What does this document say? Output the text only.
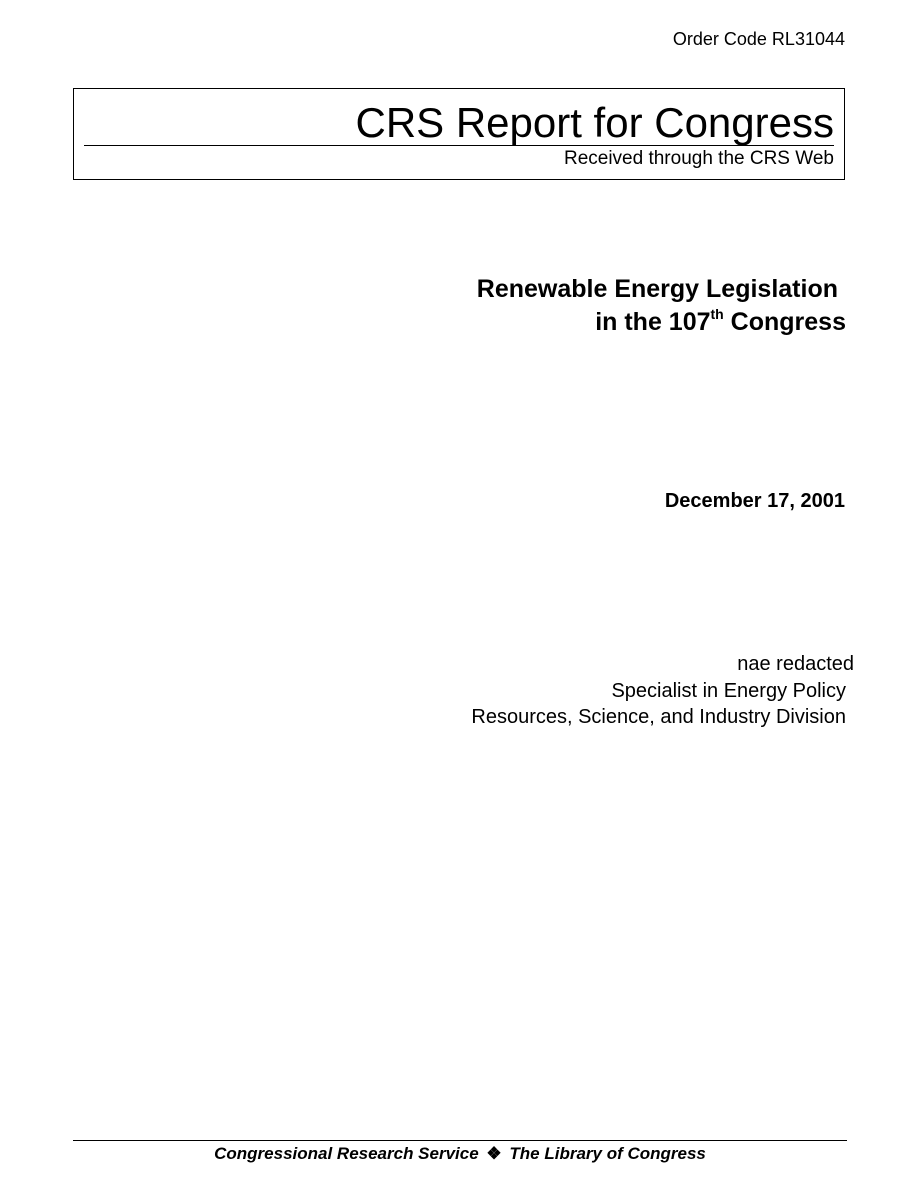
Order Code RL31044
CRS Report for Congress
Received through the CRS Web
Renewable Energy Legislation
in the 107th Congress
December 17, 2001
nae redacted
Specialist in Energy Policy
Resources, Science, and Industry Division
Congressional Research Service ❖ The Library of Congress
